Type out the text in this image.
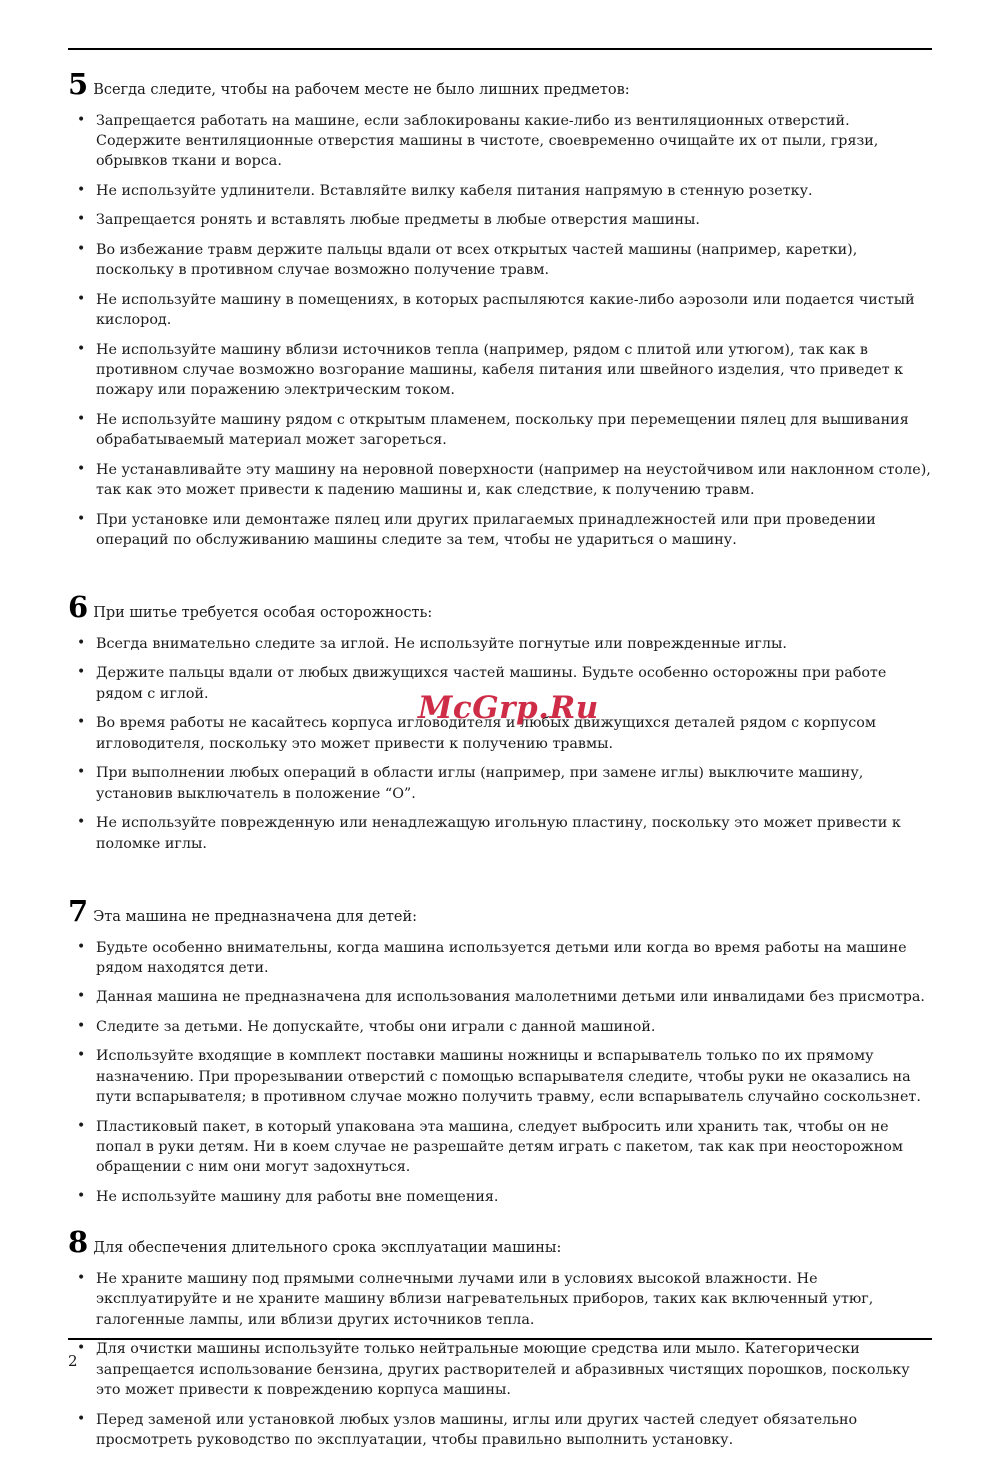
5 Всегда следите, чтобы на рабочем месте не было лишних предметов:
• Запрещается работать на машине, если заблокированы какие-либо из вентиляционных отверстий. Содержите вентиляционные отверстия машины в чистоте, своевременно очищайте их от пыли, грязи, обрывков ткани и ворса.
• Не используйте удлинители. Вставляйте вилку кабеля питания напрямую в стенную розетку.
• Запрещается ронять и вставлять любые предметы в любые отверстия машины.
• Во избежание травм держите пальцы вдали от всех открытых частей машины (например, каретки), поскольку в противном случае возможно получение травм.
• Не используйте машину в помещениях, в которых распыляются какие-либо аэрозоли или подается чистый кислород.
• Не используйте машину вблизи источников тепла (например, рядом с плитой или утюгом), так как в противном случае возможно возгорание машины, кабеля питания или швейного изделия, что приведет к пожару или поражению электрическим током.
• Не используйте машину рядом с открытым пламенем, поскольку при перемещении пялец для вышивания обрабатываемый материал может загореться.
• Не устанавливайте эту машину на неровной поверхности (например на неустойчивом или наклонном столе), так как это может привести к падению машины и, как следствие, к получению травм.
• При установке или демонтаже пялец или других прилагаемых принадлежностей или при проведении операций по обслуживанию машины следите за тем, чтобы не удариться о машину.
6 При шитье требуется особая осторожность:
• Всегда внимательно следите за иглой. Не используйте погнутые или поврежденные иглы.
• Держите пальцы вдали от любых движущихся частей машины. Будьте особенно осторожны при работе рядом с иглой.
• Во время работы не касайтесь корпуса игловодителя и любых движущихся деталей рядом с корпусом игловодителя, поскольку это может привести к получению травмы.
• При выполнении любых операций в области иглы (например, при замене иглы) выключите машину, установив выключатель в положение “O”.
• Не используйте поврежденную или ненадлежащую игольную пластину, поскольку это может привести к поломке иглы.
7 Эта машина не предназначена для детей:
• Будьте особенно внимательны, когда машина используется детьми или когда во время работы на машине рядом находятся дети.
• Данная машина не предназначена для использования малолетними детьми или инвалидами без присмотра.
• Следите за детьми. Не допускайте, чтобы они играли с данной машиной.
• Используйте входящие в комплект поставки машины ножницы и вспарыватель только по их прямому назначению. При прорезывании отверстий с помощью вспарывателя следите, чтобы руки не оказались на пути вспарывателя; в противном случае можно получить травму, если вспарыватель случайно соскользнет.
• Пластиковый пакет, в который упакована эта машина, следует выбросить или хранить так, чтобы он не попал в руки детям. Ни в коем случае не разрешайте детям играть с пакетом, так как при неосторожном обращении с ним они могут задохнуться.
• Не используйте машину для работы вне помещения.
8 Для обеспечения длительного срока эксплуатации машины:
• Не храните машину под прямыми солнечными лучами или в условиях высокой влажности. Не эксплуатируйте и не храните машину вблизи нагревательных приборов, таких как включенный утюг, галогенные лампы, или вблизи других источников тепла.
• Для очистки машины используйте только нейтральные моющие средства или мыло. Категорически запрещается использование бензина, других растворителей и абразивных чистящих порошков, поскольку это может привести к повреждению корпуса машины.
• Перед заменой или установкой любых узлов машины, иглы или других частей следует обязательно просмотреть руководство по эксплуатации, чтобы правильно выполнить установку.
McGrp.Ru
2
